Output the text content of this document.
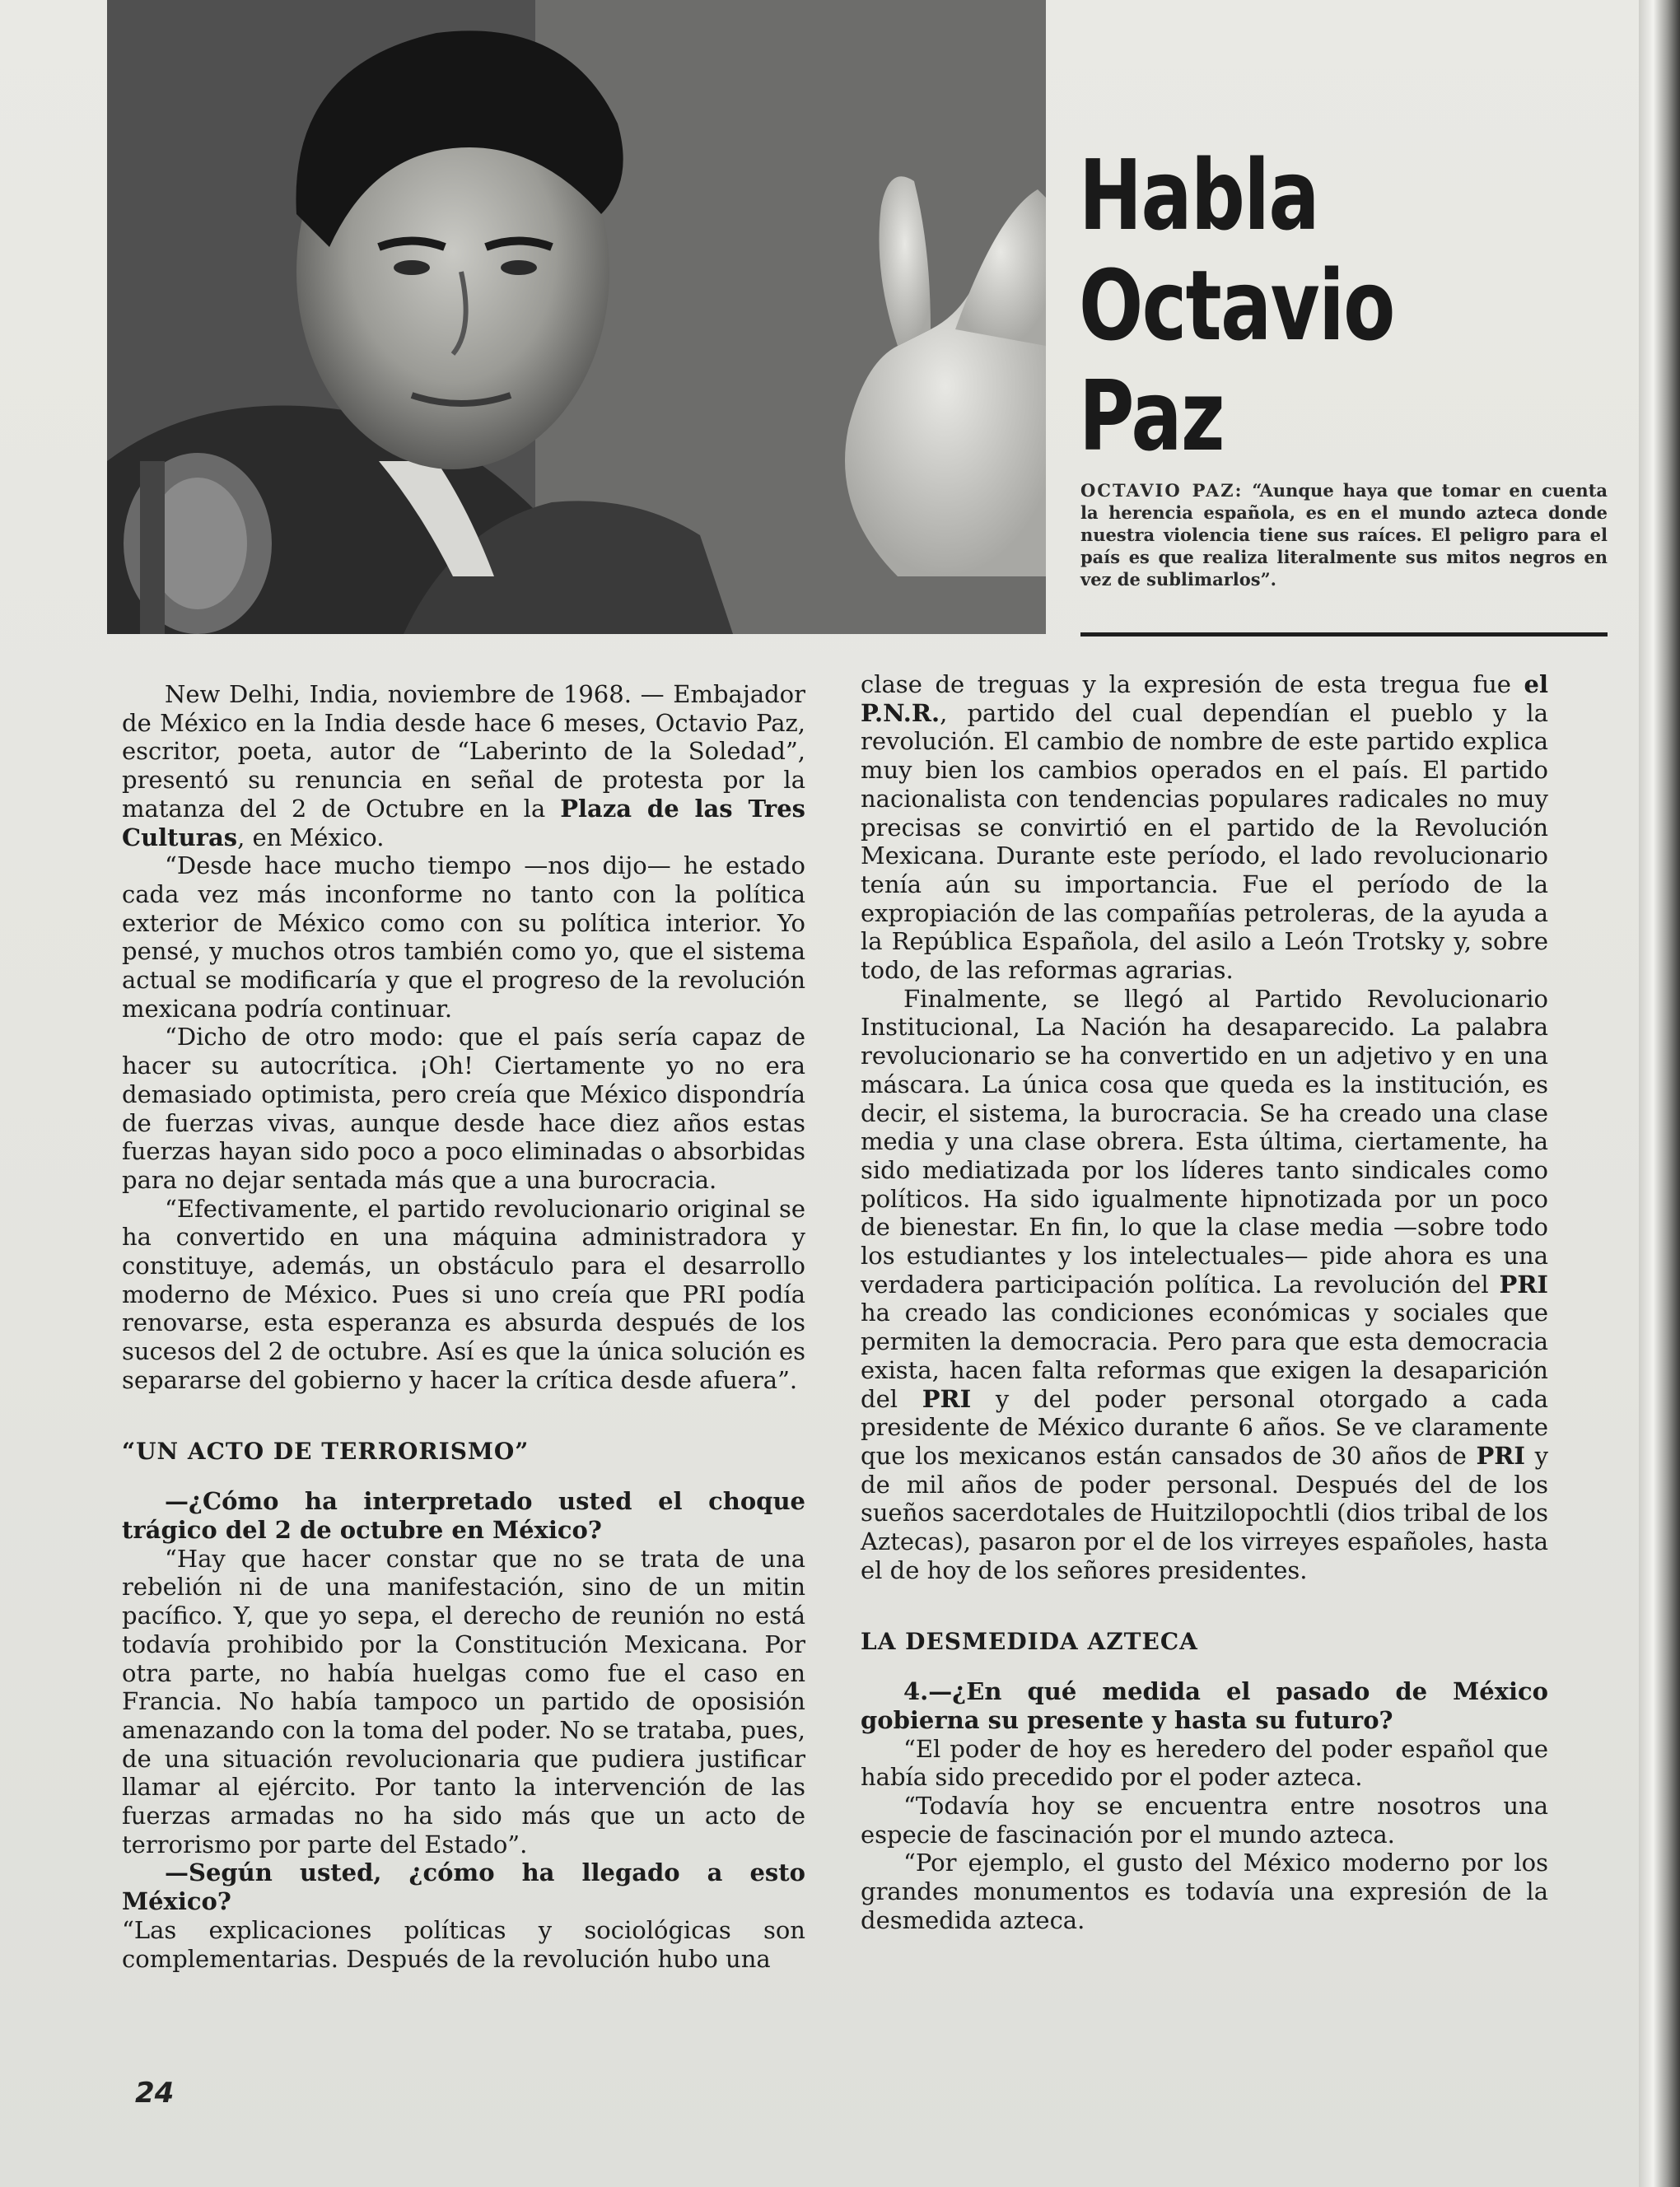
Habla
Octavio
Paz
OCTAVIO PAZ: “Aunque haya que tomar en cuenta la herencia española, es en el mundo azteca donde nuestra violencia tiene sus raíces. El peligro para el país es que realiza literalmente sus mitos negros en vez de sublimarlos”.

New Delhi, India, noviembre de 1968. — Embajador de México en la India desde hace 6 meses, Octavio Paz, escritor, poeta, autor de “Laberinto de la Soledad”, presentó su renuncia en señal de protesta por la matanza del 2 de Octubre en la Plaza de las Tres Culturas, en México.

“Desde hace mucho tiempo —nos dijo— he estado cada vez más inconforme no tanto con la política exterior de México como con su política interior. Yo pensé, y muchos otros también como yo, que el sistema actual se modificaría y que el progreso de la revolución mexicana podría continuar.

“Dicho de otro modo: que el país sería capaz de hacer su autocrítica. ¡Oh! Ciertamente yo no era demasiado optimista, pero creía que México dispondría de fuerzas vivas, aunque desde hace diez años estas fuerzas hayan sido poco a poco eliminadas o absorbidas para no dejar sentada más que a una burocracia.

“Efectivamente, el partido revolucionario original se ha convertido en una máquina administradora y constituye, además, un obstáculo para el desarrollo moderno de México. Pues si uno creía que PRI podía renovarse, esta esperanza es absurda después de los sucesos del 2 de octubre. Así es que la única solución es separarse del gobierno y hacer la crítica desde afuera”.

“UN ACTO DE TERRORISMO”

—¿Cómo ha interpretado usted el choque trágico del 2 de octubre en México?

“Hay que hacer constar que no se trata de una rebelión ni de una manifestación, sino de un mitin pacífico. Y, que yo sepa, el derecho de reunión no está todavía prohibido por la Constitución Mexicana. Por otra parte, no había huelgas como fue el caso en Francia. No había tampoco un partido de oposisión amenazando con la toma del poder. No se trataba, pues, de una situación revolucionaria que pudiera justificar llamar al ejército. Por tanto la intervención de las fuerzas armadas no ha sido más que un acto de terrorismo por parte del Estado”.

—Según usted, ¿cómo ha llegado a esto México?

“Las explicaciones políticas y sociológicas son complementarias. Después de la revolución hubo una

clase de treguas y la expresión de esta tregua fue el P.N.R., partido del cual dependían el pueblo y la revolución. El cambio de nombre de este partido explica muy bien los cambios operados en el país. El partido nacionalista con tendencias populares radicales no muy precisas se convirtió en el partido de la Revolución Mexicana. Durante este período, el lado revolucionario tenía aún su importancia. Fue el período de la expropiación de las compañías petroleras, de la ayuda a la República Española, del asilo a León Trotsky y, sobre todo, de las reformas agrarias.

Finalmente, se llegó al Partido Revolucionario Institucional, La Nación ha desaparecido. La palabra revolucionario se ha convertido en un adjetivo y en una máscara. La única cosa que queda es la institución, es decir, el sistema, la burocracia. Se ha creado una clase media y una clase obrera. Esta última, ciertamente, ha sido mediatizada por los líderes tanto sindicales como políticos. Ha sido igualmente hipnotizada por un poco de bienestar. En fin, lo que la clase media —sobre todo los estudiantes y los intelectuales— pide ahora es una verdadera participación política. La revolución del PRI ha creado las condiciones económicas y sociales que permiten la democracia. Pero para que esta democracia exista, hacen falta reformas que exigen la desaparición del PRI y del poder personal otorgado a cada presidente de México durante 6 años. Se ve claramente que los mexicanos están cansados de 30 años de PRI y de mil años de poder personal. Después del de los sueños sacerdotales de Huitzilopochtli (dios tribal de los Aztecas), pasaron por el de los virreyes españoles, hasta el de hoy de los señores presidentes.

LA DESMEDIDA AZTECA

4.—¿En qué medida el pasado de México gobierna su presente y hasta su futuro?

“El poder de hoy es heredero del poder español que había sido precedido por el poder azteca.

“Todavía hoy se encuentra entre nosotros una especie de fascinación por el mundo azteca.

“Por ejemplo, el gusto del México moderno por los grandes monumentos es todavía una expresión de la desmedida azteca.

24
